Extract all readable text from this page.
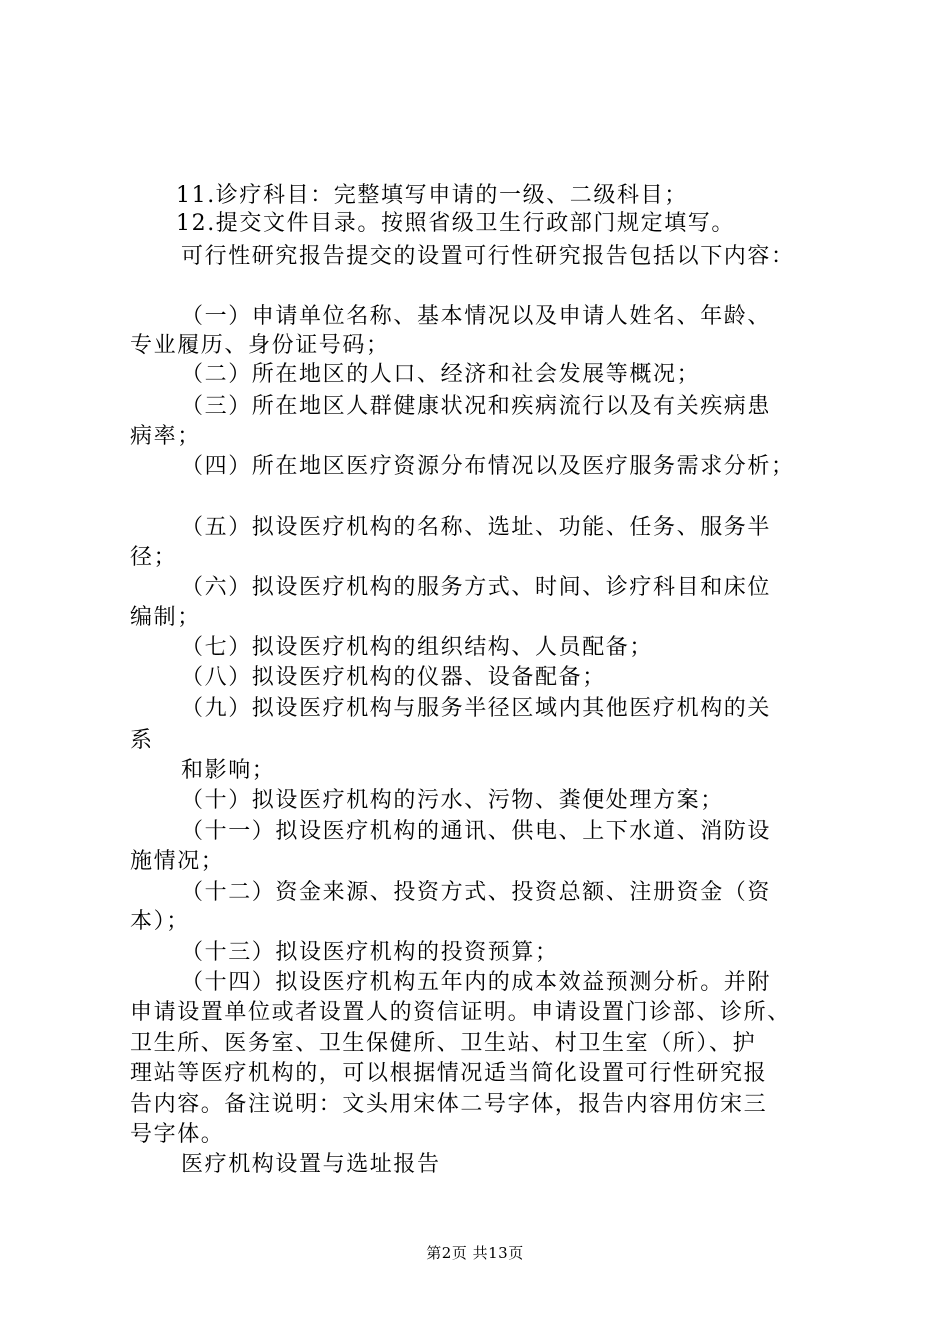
11.诊疗科目：完整填写申请的一级、二级科目；
12.提交文件目录。按照省级卫生行政部门规定填写。
可行性研究报告提交的设置可行性研究报告包括以下内容：
（一）申请单位名称、基本情况以及申请人姓名、年龄、
专业履历、身份证号码；
（二）所在地区的人口、经济和社会发展等概况；
（三）所在地区人群健康状况和疾病流行以及有关疾病患
病率；
（四）所在地区医疗资源分布情况以及医疗服务需求分析；
（五）拟设医疗机构的名称、选址、功能、任务、服务半
径；
（六）拟设医疗机构的服务方式、时间、诊疗科目和床位
编制；
（七）拟设医疗机构的组织结构、人员配备；
（八）拟设医疗机构的仪器、设备配备；
（九）拟设医疗机构与服务半径区域内其他医疗机构的关
系
和影响；
（十）拟设医疗机构的污水、污物、粪便处理方案；
（十一）拟设医疗机构的通讯、供电、上下水道、消防设
施情况；
（十二）资金来源、投资方式、投资总额、注册资金（资
本）；
（十三）拟设医疗机构的投资预算；
（十四）拟设医疗机构五年内的成本效益预测分析。并附
申请设置单位或者设置人的资信证明。申请设置门诊部、诊所、
卫生所、医务室、卫生保健所、卫生站、村卫生室（所）、护
理站等医疗机构的，可以根据情况适当简化设置可行性研究报
告内容。备注说明：文头用宋体二号字体，报告内容用仿宋三
号字体。
医疗机构设置与选址报告
第2页 共13页
